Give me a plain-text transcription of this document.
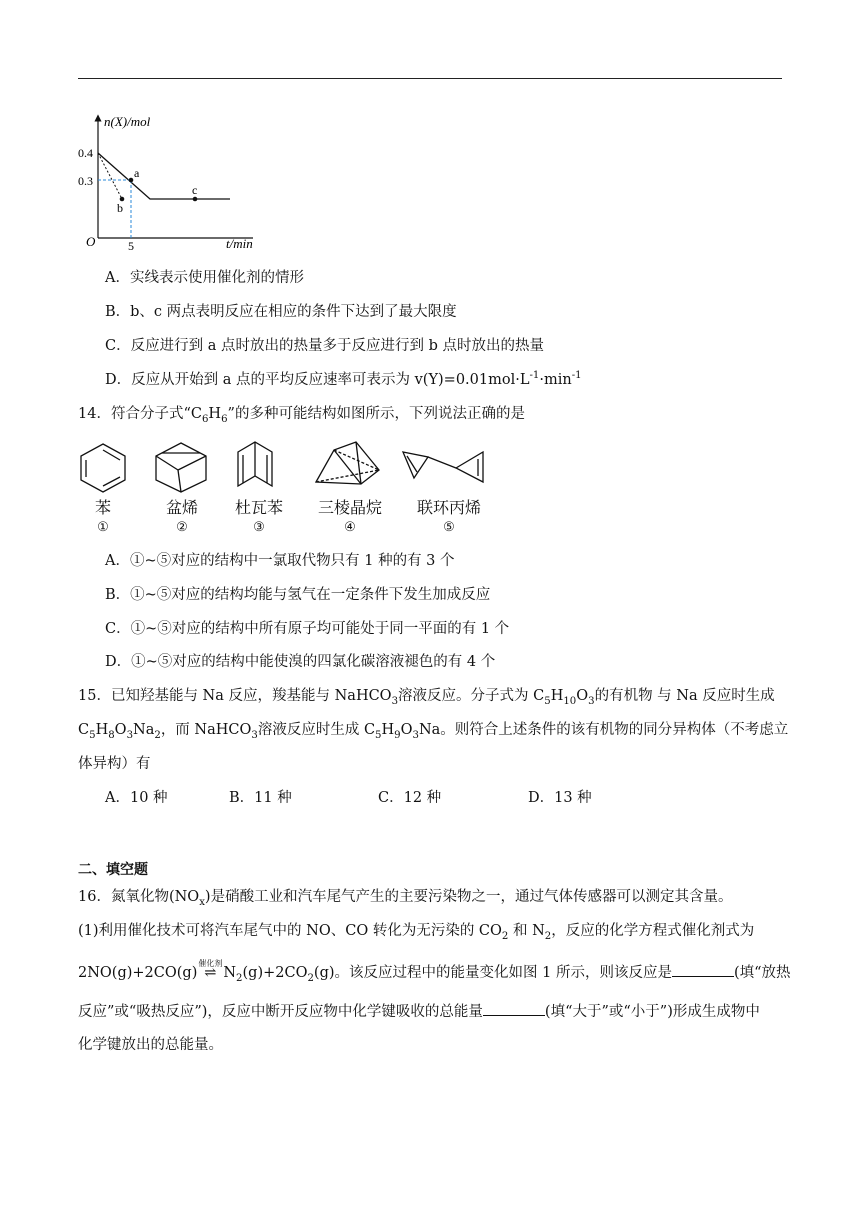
n(X)/mol
t/min
O
0.4
0.3
5
a
b
c
A．实线表示使用催化剂的情形
B．b、c 两点表明反应在相应的条件下达到了最大限度
C．反应进行到 a 点时放出的热量多于反应进行到 b 点时放出的热量
D．反应从开始到 a 点的平均反应速率可表示为 $v(Y)=0.01mol\cdot L^{-1}\cdot\min^{-1}$
14．符合分子式“$C_6H_6$”的多种可能结构如图所示，下列说法正确的是
苯	盆烯	杜瓦苯	三棱晶烷	联环丙烯
①	②	③	④	⑤
A．①~⑤对应的结构中一氯取代物只有 1 种的有 3 个
B．①~⑤对应的结构均能与氢气在一定条件下发生加成反应
C．①~⑤对应的结构中所有原子均可能处于同一平面的有 1 个
D．①~⑤对应的结构中能使溴的四氯化碳溶液褪色的有 4 个
15．已知羟基能与 Na 反应，羧基能与 NaHCO$_3$溶液反应。分子式为 $C_5H_{10}O_3$的有机物 与 Na 反应时生成
$C_5H_8O_3Na_2$，而 NaHCO$_3$溶液反应时生成 $C_5H_9O_3Na$。则符合上述条件的该有机物的同分异构体（不考虑立
体异构）有
A．10 种	B．11 种	C．12 种	D．13 种
二、填空题
16．氮氧化物$(NO_x)$是硝酸工业和汽车尾气产生的主要污染物之一，通过气体传感器可以测定其含量。
(1)利用催化技术可将汽车尾气中的 NO、CO 转化为无污染的 $CO_2$ 和 $N_2$，反应的化学方程式催化剂式为
2NO(g)+2CO(g)
催化剂
⇌ $N_2(g)+2CO_2(g)$。该反应过程中的能量变化如图 1 所示，则该反应是	(填“放热
反应”或“吸热反应”)，反应中断开反应物中化学键吸收的总能量	(填“大于”或“小于”)形成生成物中
化学键放出的总能量。
